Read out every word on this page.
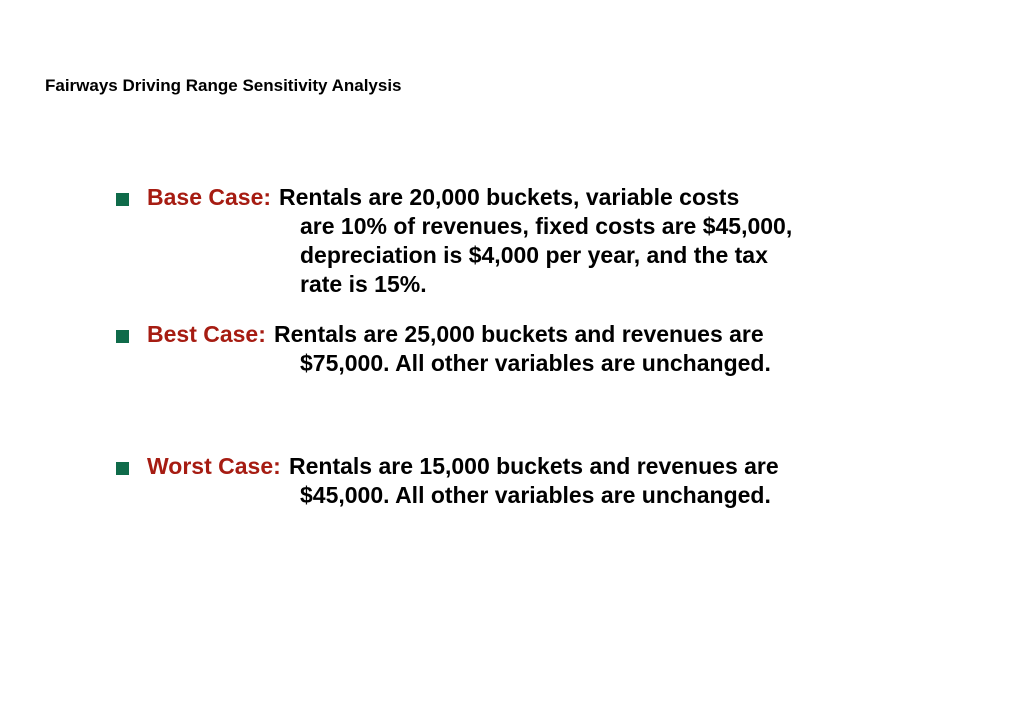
Fairways Driving Range Sensitivity Analysis
Base Case: Rentals are 20,000 buckets, variable costs
are 10% of revenues, fixed costs are $45,000,
depreciation is $4,000 per year, and the tax
rate is 15%.
Best Case: Rentals are 25,000 buckets and revenues are
$75,000. All other variables are unchanged.
Worst Case: Rentals are 15,000 buckets and revenues are
$45,000. All other variables are unchanged.
